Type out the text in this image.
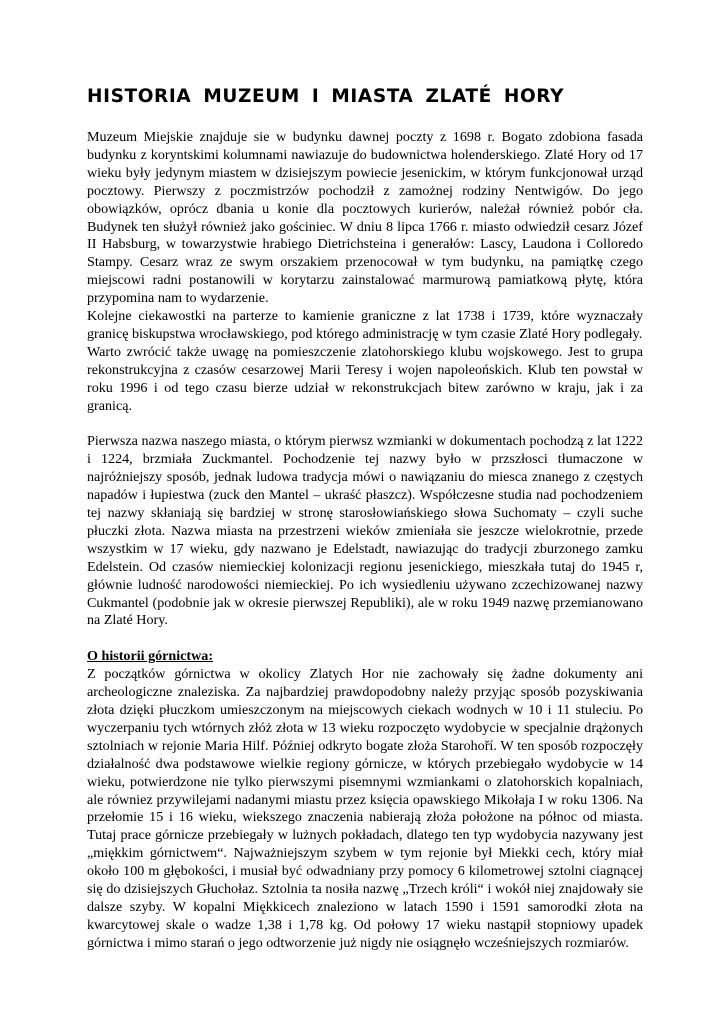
HISTORIA MUZEUM I MIASTA ZLATÉ HORY

Muzeum Miejskie znajduje sie w budynku dawnej poczty z 1698 r. Bogato zdobiona fasada budynku z koryntskimi kolumnami nawiazuje do budownictwa holenderskiego. Zlaté Hory od 17 wieku były jedynym miastem w dzisiejszym powiecie jesenickim, w którym funkcjonował urząd pocztowy. Pierwszy z poczmistrzów pochodził z zamożnej rodziny Nentwigów. Do jego obowiązków, oprócz dbania u konie dla pocztowych kurierów, należał również pobór cła. Budynek ten służył również jako gościniec. W dniu 8 lipca 1766 r. miasto odwiedził cesarz Józef II Habsburg, w towarzystwie hrabiego Dietrichsteina i generałów: Lascy, Laudona i Colloredo Stampy. Cesarz wraz ze swym orszakiem przenocował w tym budynku, na pamiątkę czego miejscowi radni postanowili w korytarzu zainstalować marmurową pamiatkową płytę, która przypomina nam to wydarzenie.

Kolejne ciekawostki na parterze to kamienie graniczne z lat 1738 i 1739, które wyznaczały granicę biskupstwa wrocławskiego, pod którego administrację w tym czasie Zlaté Hory podlegały.

Warto zwrócić także uwagę na pomieszczenie zlatohorskiego klubu wojskowego. Jest to grupa rekonstrukcyjna z czasów cesarzowej Marii Teresy i wojen napoleońskich. Klub ten powstał w roku 1996 i od tego czasu bierze udział w rekonstrukcjach bitew zarówno w kraju, jak i za granicą.

Pierwsza nazwa naszego miasta, o którym pierwsz wzmianki w dokumentach pochodzą z lat 1222 i 1224, brzmiała Zuckmantel. Pochodzenie tej nazwy było w przszłosci tłumaczone w najróżniejszy sposób, jednak ludowa tradycja mówi o nawiązaniu do miesca znanego z częstych napadów i łupiestwa (zuck den Mantel – ukraść płaszcz). Współczesne studia nad pochodzeniem tej nazwy skłaniają się bardziej w stronę starosłowiańskiego słowa Suchomaty – czyli suche płuczki złota. Nazwa miasta na przestrzeni wieków zmieniała sie jeszcze wielokrotnie, przede wszystkim w 17 wieku, gdy nazwano je Edelstadt, nawiazując do tradycji zburzonego zamku Edelstein. Od czasów niemieckiej kolonizacji regionu jesenickiego, mieszkała tutaj do 1945 r, głównie ludność narodowości niemieckiej. Po ich wysiedleniu używano zczechizowanej nazwy Cukmantel (podobnie jak w okresie pierwszej Republiki), ale w roku 1949 nazwę przemianowano na Zlaté Hory.

O historii górnictwa:

Z początków górnictwa w okolicy Zlatych Hor nie zachowały się żadne dokumenty ani archeologiczne znaleziska. Za najbardziej prawdopodobny należy przyjąc sposób pozyskiwania złota dzięki płuczkom umieszczonym na miejscowych ciekach wodnych w 10 i 11 stuleciu. Po wyczerpaniu tych wtórnych złóż złota w 13 wieku rozpoczęto wydobycie w specjalnie drążonych sztolniach w rejonie Maria Hilf. Później odkryto bogate złoża Starohoří. W ten sposób rozpoczęły działalność dwa podstawowe wielkie regiony górnicze, w których przebiegało wydobycie w 14 wieku, potwierdzone nie tylko pierwszymi pisemnymi wzmiankami o zlatohorskich kopalniach, ale równiez przywilejami nadanymi miastu przez księcia opawskiego Mikołaja I w roku 1306. Na przełomie 15 i 16 wieku, wiekszego znaczenia nabierają złoża położone na północ od miasta. Tutaj prace górnicze przebiegały w lużnych pokładach, dlatego ten typ wydobycia nazywany jest „miękkim górnictwem“. Najważniejszym szybem w tym rejonie był Miekki cech, który miał około 100 m głębokości, i musiał być odwadniany przy pomocy 6 kilometrowej sztolni ciagnącej się do dzisiejszych Głuchołaz. Sztolnia ta nosiła nazwę „Trzech króli“ i wokół niej znajdowały sie dalsze szyby. W kopalni Miękkicech znaleziono w latach 1590 i 1591 samorodki złota na kwarcytowej skale o wadze 1,38 i 1,78 kg. Od połowy 17 wieku nastąpił stopniowy upadek górnictwa i mimo starań o jego odtworzenie już nigdy nie osiągnęło wcześniejszych rozmiarów.
